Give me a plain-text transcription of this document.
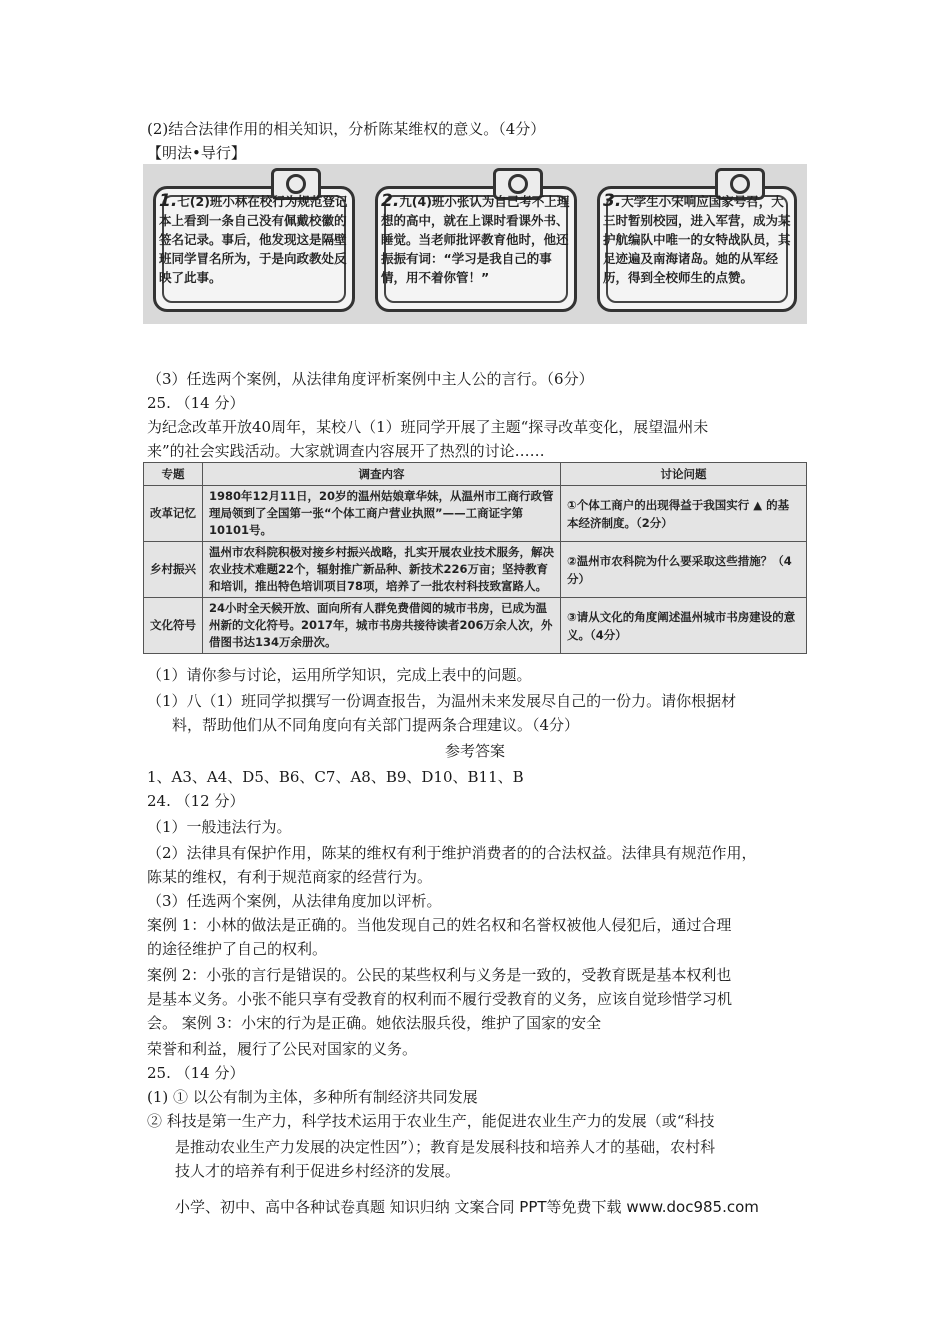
(2)结合法律作用的相关知识，分析陈某维权的意义。（4分）
【明法•导行】
1.七(2)班小林在校行为规范登记本上看到一条自己没有佩戴校徽的签名记录。事后，他发现这是隔壁班同学冒名所为，于是向政教处反映了此事。
2.九(4)班小张认为自己考不上理想的高中，就在上课时看课外书、睡觉。当老师批评教育他时，他还振振有词：“学习是我自己的事情，用不着你管！”
3.大学生小宋响应国家号召，大三时暂别校园，进入军营，成为某护航编队中唯一的女特战队员，其足迹遍及南海诸岛。她的从军经历，得到全校师生的点赞。
（3）任选两个案例，从法律角度评析案例中主人公的言行。（6分）
25. （14 分）
为纪念改革开放40周年，某校八（1）班同学开展了主题“探寻改革变化，展望温州未
来”的社会实践活动。大家就调查内容展开了热烈的讨论……
专题	调查内容	讨论问题
改革记忆	1980年12月11日，20岁的温州姑娘章华妹，从温州市工商行政管理局领到了全国第一张“个体工商户营业执照”——工商证字第10101号。	①个体工商户的出现得益于我国实行 ▲ 的基本经济制度。（2分）
乡村振兴	温州市农科院积极对接乡村振兴战略，扎实开展农业技术服务，解决农业技术难题22个，辐射推广新品种、新技术226万亩；坚持教育和培训，推出特色培训项目78项，培养了一批农村科技致富路人。	②温州市农科院为什么要采取这些措施？（4分）
文化符号	24小时全天候开放、面向所有人群免费借阅的城市书房，已成为温州新的文化符号。2017年，城市书房共接待读者206万余人次，外借图书达134万余册次。	③请从文化的角度阐述温州城市书房建设的意义。（4分）
（1）请你参与讨论，运用所学知识，完成上表中的问题。
（1）八（1）班同学拟撰写一份调查报告，为温州未来发展尽自己的一份力。请你根据材
料，帮助他们从不同角度向有关部门提两条合理建议。（4分）
参考答案
1、A3、A4、D5、B6、C7、A8、B9、D10、B11、B
24. （12 分）
（1）一般违法行为。
（2）法律具有保护作用，陈某的维权有利于维护消费者的的合法权益。法律具有规范作用，
陈某的维权，有利于规范商家的经营行为。
（3）任选两个案例，从法律角度加以评析。
案例 1：小林的做法是正确的。当他发现自己的姓名权和名誉权被他人侵犯后，通过合理
的途径维护了自己的权利。
案例 2：小张的言行是错误的。公民的某些权利与义务是一致的，受教育既是基本权利也
是基本义务。小张不能只享有受教育的权利而不履行受教育的义务，应该自觉珍惜学习机
会。 案例 3：小宋的行为是正确。她依法服兵役，维护了国家的安全
荣誉和利益，履行了公民对国家的义务。
25. （14 分）
(1) ① 以公有制为主体，多种所有制经济共同发展
② 科技是第一生产力，科学技术运用于农业生产，能促进农业生产力的发展（或“科技
是推动农业生产力发展的决定性因”）；教育是发展科技和培养人才的基础，农村科
技人才的培养有利于促进乡村经济的发展。
小学、初中、高中各种试卷真题 知识归纳 文案合同 PPT等免费下载 www.doc985.com
